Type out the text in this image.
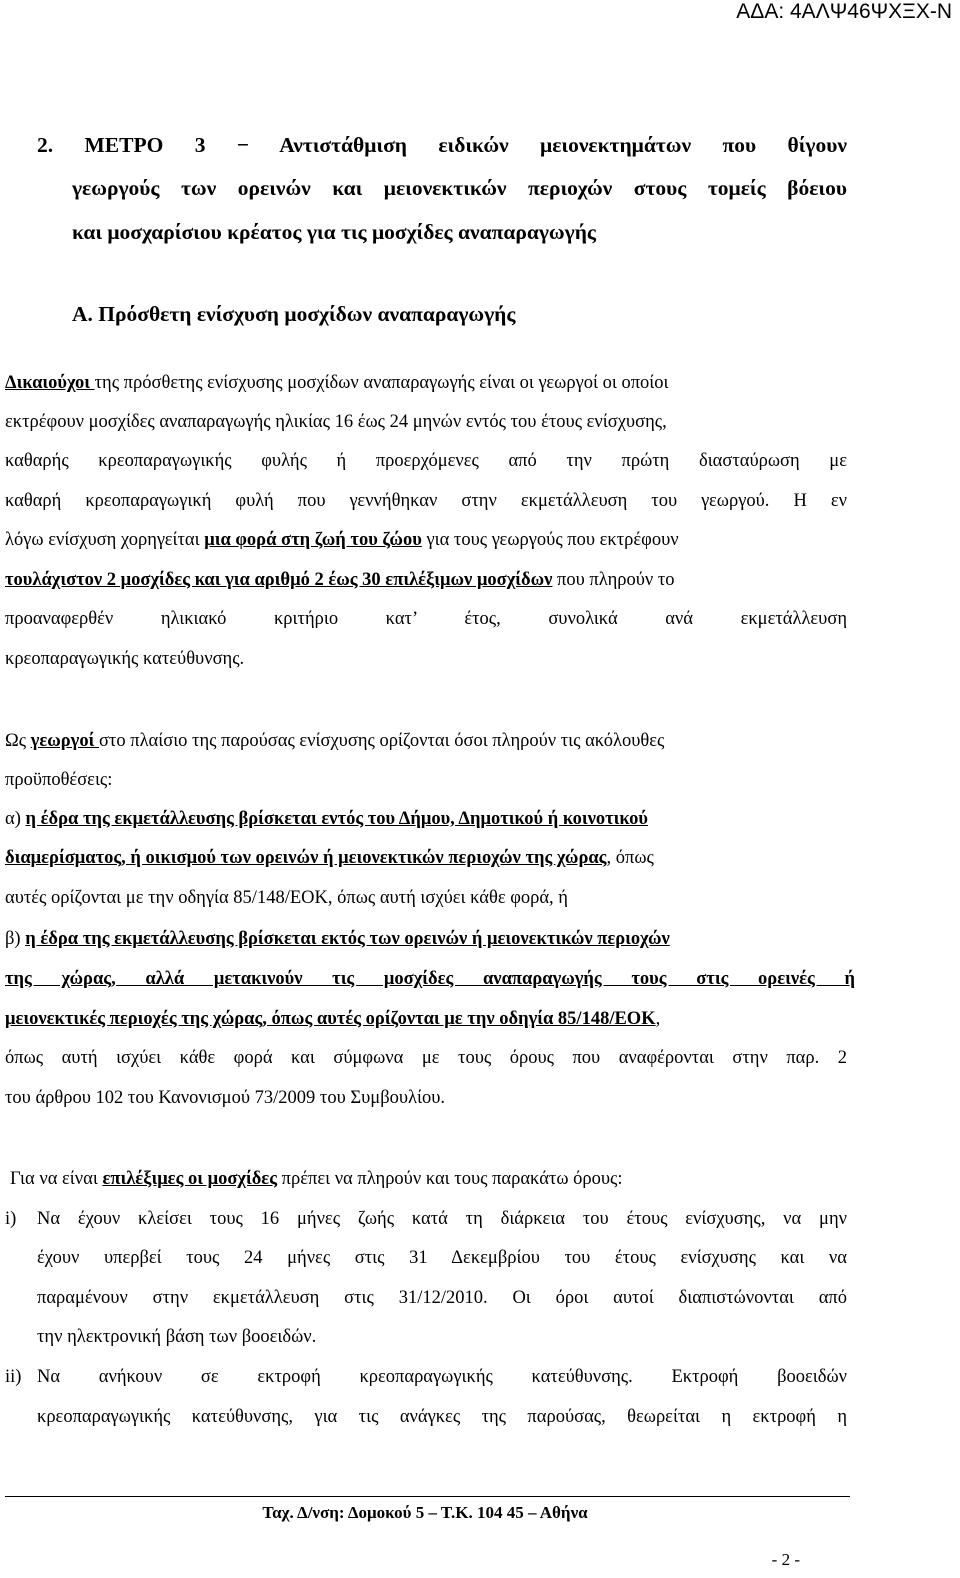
ΑΔΑ: 4ΑΛΨ46ΨΧΞΧ-Ν
2. ΜΕΤΡΟ 3 − Αντιστάθμιση ειδικών μειονεκτημάτων που θίγουν
γεωργούς των ορεινών και μειονεκτικών περιοχών στους τομείς βόειου
και μοσχαρίσιου κρέατος για τις μοσχίδες αναπαραγωγής
Α. Πρόσθετη ενίσχυση μοσχίδων αναπαραγωγής
Δικαιούχοι της πρόσθετης ενίσχυσης μοσχίδων αναπαραγωγής είναι οι γεωργοί οι οποίοι
εκτρέφουν μοσχίδες αναπαραγωγής ηλικίας 16 έως 24 μηνών εντός του έτους ενίσχυσης,
καθαρής κρεοπαραγωγικής φυλής ή προερχόμενες από την πρώτη διασταύρωση με
καθαρή κρεοπαραγωγική φυλή που γεννήθηκαν στην εκμετάλλευση του γεωργού. Η εν
λόγω ενίσχυση χορηγείται μια φορά στη ζωή του ζώου για τους γεωργούς που εκτρέφουν
τουλάχιστον 2 μοσχίδες και για αριθμό 2 έως 30 επιλέξιμων μοσχίδων που πληρούν το
προαναφερθέν ηλικιακό κριτήριο κατ’ έτος, συνολικά ανά εκμετάλλευση
κρεοπαραγωγικής κατεύθυνσης.
Ως γεωργοί στο πλαίσιο της παρούσας ενίσχυσης ορίζονται όσοι πληρούν τις ακόλουθες
προϋποθέσεις:
α) η έδρα της εκμετάλλευσης βρίσκεται εντός του Δήμου, Δημοτικού ή κοινοτικού
διαμερίσματος, ή οικισμού των ορεινών ή μειονεκτικών περιοχών της χώρας, όπως
αυτές ορίζονται με την οδηγία 85/148/ΕΟΚ, όπως αυτή ισχύει κάθε φορά, ή
β) η έδρα της εκμετάλλευσης βρίσκεται εκτός των ορεινών ή μειονεκτικών περιοχών
της χώρας, αλλά μετακινούν τις μοσχίδες αναπαραγωγής τους στις ορεινές ή
μειονεκτικές περιοχές της χώρας, όπως αυτές ορίζονται με την οδηγία 85/148/ΕΟΚ,
όπως αυτή ισχύει κάθε φορά και σύμφωνα με τους όρους που αναφέρονται στην παρ. 2
του άρθρου 102 του Κανονισμού 73/2009 του Συμβουλίου.
Για να είναι επιλέξιμες οι μοσχίδες πρέπει να πληρούν και τους παρακάτω όρους:
i) Να έχουν κλείσει τους 16 μήνες ζωής κατά τη διάρκεια του έτους ενίσχυσης, να μην
έχουν υπερβεί τους 24 μήνες στις 31 Δεκεμβρίου του έτους ενίσχυσης και να
παραμένουν στην εκμετάλλευση στις 31/12/2010. Οι όροι αυτοί διαπιστώνονται από
την ηλεκτρονική βάση των βοοειδών.
ii) Να ανήκουν σε εκτροφή κρεοπαραγωγικής κατεύθυνσης. Εκτροφή βοοειδών
κρεοπαραγωγικής κατεύθυνσης, για τις ανάγκες της παρούσας, θεωρείται η εκτροφή η
Ταχ. Δ/νση: Δομοκού 5 – Τ.Κ. 104 45 – Αθήνα
- 2 -
